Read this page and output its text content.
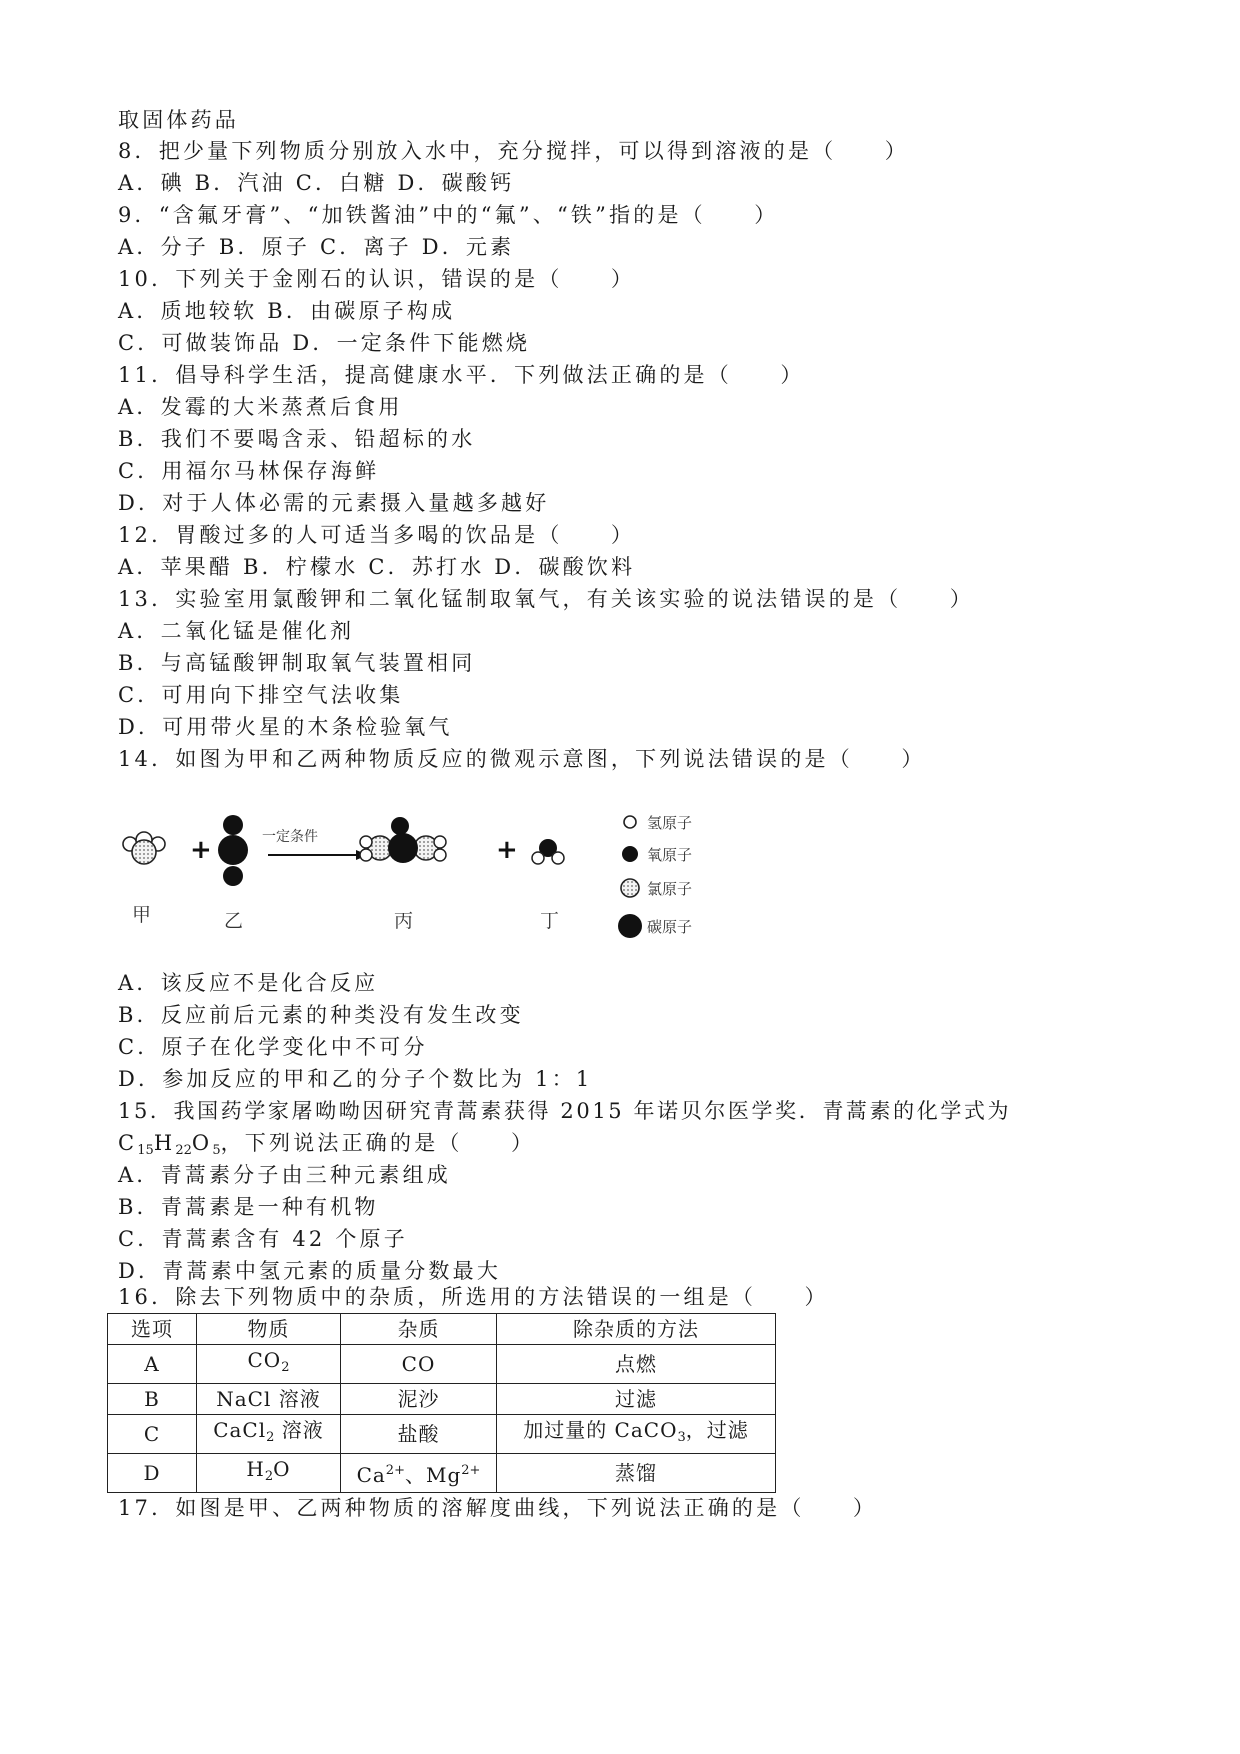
取固体药品
8．把少量下列物质分别放入水中，充分搅拌，可以得到溶液的是（　　）
A．碘 B．汽油 C．白糖 D．碳酸钙
9．“含氟牙膏”、“加铁酱油”中的“氟”、“铁”指的是（　　）
A．分子 B．原子 C．离子 D．元素
10．下列关于金刚石的认识，错误的是（　　）
A．质地较软 B．由碳原子构成
C．可做装饰品 D．一定条件下能燃烧
11．倡导科学生活，提高健康水平．下列做法正确的是（　　）
A．发霉的大米蒸煮后食用
B．我们不要喝含汞、铅超标的水
C．用福尔马林保存海鲜
D．对于人体必需的元素摄入量越多越好
12．胃酸过多的人可适当多喝的饮品是（　　）
A．苹果醋 B．柠檬水 C．苏打水 D．碳酸饮料
13．实验室用氯酸钾和二氧化锰制取氧气，有关该实验的说法错误的是（　　）
A．二氧化锰是催化剂
B．与高锰酸钾制取氧气装置相同
C．可用向下排空气法收集
D．可用带火星的木条检验氧气
14．如图为甲和乙两种物质反应的微观示意图，下列说法错误的是（　　）
+	+
一定条件
甲	乙	丙	丁
氢原子
氧原子
氯原子
碳原子
A．该反应不是化合反应
B．反应前后元素的种类没有发生改变
C．原子在化学变化中不可分
D．参加反应的甲和乙的分子个数比为 1：1
15．我国药学家屠呦呦因研究青蒿素获得 2015 年诺贝尔医学奖．青蒿素的化学式为
$C_{15}H_{22}O_5$，下列说法正确的是（　　）
A．青蒿素分子由三种元素组成
B．青蒿素是一种有机物
C．青蒿素含有 42 个原子
D．青蒿素中氢元素的质量分数最大
16．除去下列物质中的杂质，所选用的方法错误的一组是（　　）
选项	物质	杂质	除杂质的方法
A	$CO_2$	CO	点燃
B	NaCl 溶液	泥沙	过滤
C	CaCl$_2$ 溶液	盐酸	加过量的 CaCO$_3$，过滤
D	$H_2O$	$Ca^{2+}$、$Mg^{2+}$	蒸馏
17．如图是甲、乙两种物质的溶解度曲线，下列说法正确的是（　　）
